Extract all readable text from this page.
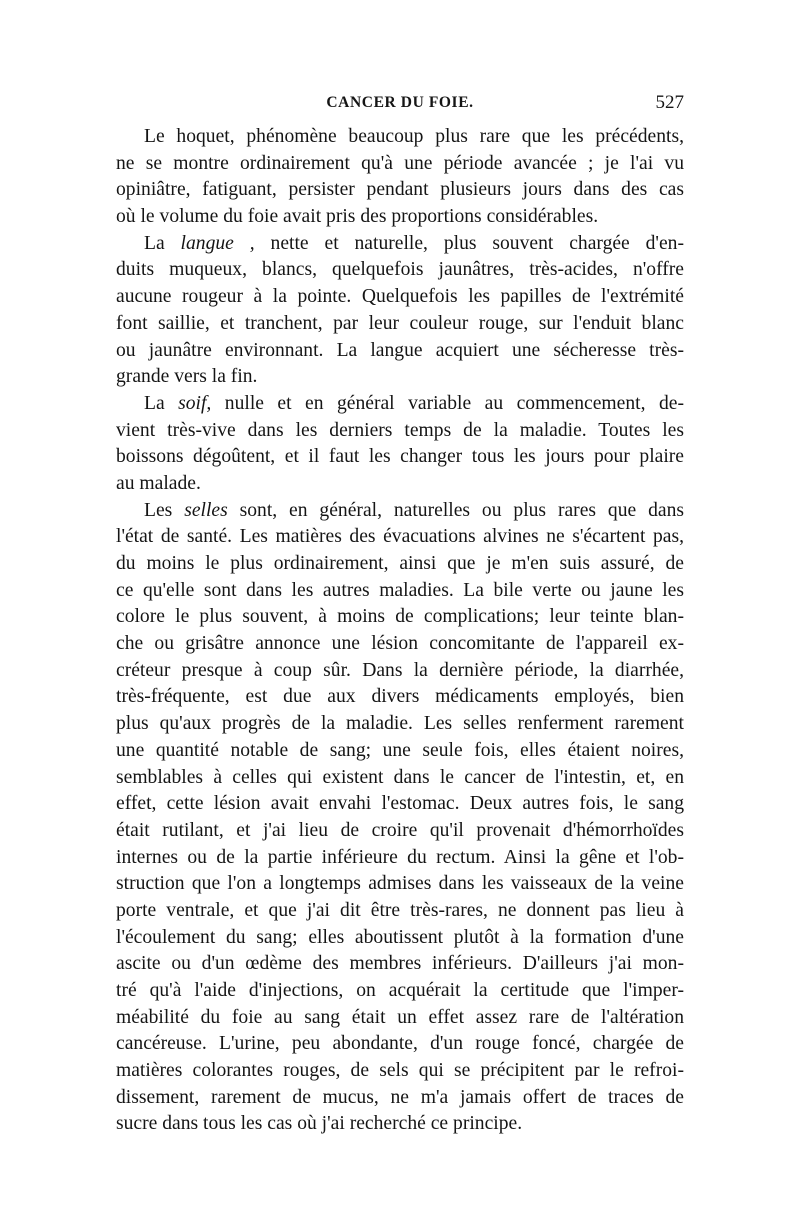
CANCER DU FOIE.	527
Le hoquet, phénomène beaucoup plus rare que les précédents,
ne se montre ordinairement qu'à une période avancée ; je l'ai vu
opiniâtre, fatiguant, persister pendant plusieurs jours dans des cas
où le volume du foie avait pris des proportions considérables.
La langue , nette et naturelle, plus souvent chargée d'en-
duits muqueux, blancs, quelquefois jaunâtres, très-acides, n'offre
aucune rougeur à la pointe. Quelquefois les papilles de l'extrémité
font saillie, et tranchent, par leur couleur rouge, sur l'enduit blanc
ou jaunâtre environnant. La langue acquiert une sécheresse très-
grande vers la fin.
La soif, nulle et en général variable au commencement, de-
vient très-vive dans les derniers temps de la maladie. Toutes les
boissons dégoûtent, et il faut les changer tous les jours pour plaire
au malade.
Les selles sont, en général, naturelles ou plus rares que dans
l'état de santé. Les matières des évacuations alvines ne s'écartent pas,
du moins le plus ordinairement, ainsi que je m'en suis assuré, de
ce qu'elle sont dans les autres maladies. La bile verte ou jaune les
colore le plus souvent, à moins de complications; leur teinte blan-
che ou grisâtre annonce une lésion concomitante de l'appareil ex-
créteur presque à coup sûr. Dans la dernière période, la diarrhée,
très-fréquente, est due aux divers médicaments employés, bien
plus qu'aux progrès de la maladie. Les selles renferment rarement
une quantité notable de sang; une seule fois, elles étaient noires,
semblables à celles qui existent dans le cancer de l'intestin, et, en
effet, cette lésion avait envahi l'estomac. Deux autres fois, le sang
était rutilant, et j'ai lieu de croire qu'il provenait d'hémorrhoïdes
internes ou de la partie inférieure du rectum. Ainsi la gêne et l'ob-
struction que l'on a longtemps admises dans les vaisseaux de la veine
porte ventrale, et que j'ai dit être très-rares, ne donnent pas lieu à
l'écoulement du sang; elles aboutissent plutôt à la formation d'une
ascite ou d'un œdème des membres inférieurs. D'ailleurs j'ai mon-
tré qu'à l'aide d'injections, on acquérait la certitude que l'imper-
méabilité du foie au sang était un effet assez rare de l'altération
cancéreuse. L'urine, peu abondante, d'un rouge foncé, chargée de
matières colorantes rouges, de sels qui se précipitent par le refroi-
dissement, rarement de mucus, ne m'a jamais offert de traces de
sucre dans tous les cas où j'ai recherché ce principe.
